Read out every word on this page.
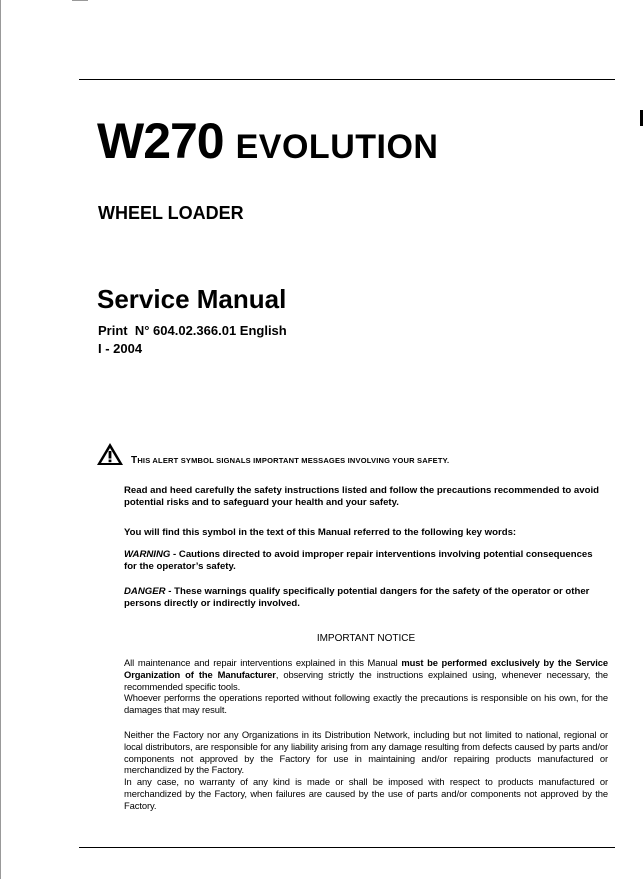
W270 EVOLUTION
WHEEL LOADER
Service Manual
Print  N° 604.02.366.01 English
I - 2004
THIS ALERT SYMBOL SIGNALS IMPORTANT MESSAGES INVOLVING YOUR SAFETY.
Read and heed carefully the safety instructions listed and follow the precautions recommended to avoid potential risks and to safeguard your health and your safety.
You will find this symbol in the text of this Manual referred to the following key words:
WARNING - Cautions directed to avoid improper repair interventions involving potential consequences for the operator’s safety.
DANGER - These warnings qualify specifically potential dangers for the safety of the operator or other persons directly or indirectly involved.
IMPORTANT NOTICE
All maintenance and repair interventions explained in this Manual must be performed exclusively by the Service Organization of the Manufacturer, observing strictly the instructions explained using, whenever necessary, the recommended specific tools.
Whoever performs the operations reported without following exactly the precautions is responsible on his own, for the damages that may result.
Neither the Factory nor any Organizations in its Distribution Network, including but not limited to national, regional or local distributors, are responsible for any liability arising from any damage resulting from defects caused by parts and/or components not approved by the Factory for use in maintaining and/or repairing products manufactured or merchandized by the Factory.
In any case, no warranty of any kind is made or shall be imposed with respect to products manufactured or merchandized by the Factory, when failures are caused by the use of parts and/or components not approved by the Factory.
